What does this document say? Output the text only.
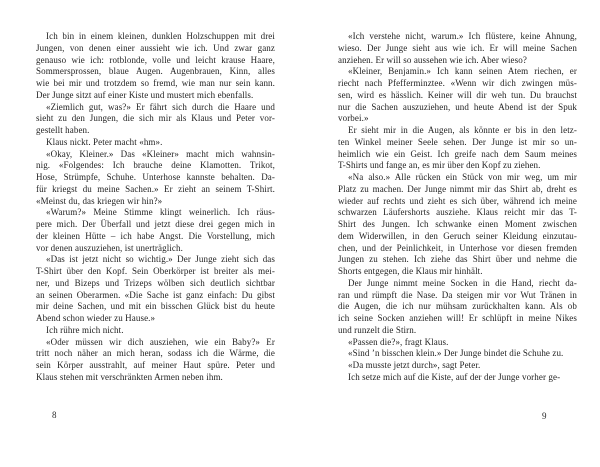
Ich bin in einem kleinen, dunklen Holzschuppen mit drei
Jungen, von denen einer aussieht wie ich. Und zwar ganz
genauso wie ich: rotblonde, volle und leicht krause Haare,
Sommersprossen, blaue Augen. Augenbrauen, Kinn, alles
wie bei mir und trotzdem so fremd, wie man nur sein kann.
Der Junge sitzt auf einer Kiste und mustert mich ebenfalls.
«Ziemlich gut, was?» Er fährt sich durch die Haare und
sieht zu den Jungen, die sich mir als Klaus und Peter vor-
gestellt haben.
Klaus nickt. Peter macht «hm».
«Okay, Kleiner.» Das «Kleiner» macht mich wahnsin-
nig. «Folgendes: Ich brauche deine Klamotten. Trikot,
Hose, Strümpfe, Schuhe. Unterhose kannste behalten. Da-
für kriegst du meine Sachen.» Er zieht an seinem T-Shirt.
«Meinst du, das kriegen wir hin?»
«Warum?» Meine Stimme klingt weinerlich. Ich räus-
pere mich. Der Überfall und jetzt diese drei gegen mich in
der kleinen Hütte – ich habe Angst. Die Vorstellung, mich
vor denen auszuziehen, ist unerträglich.
«Das ist jetzt nicht so wichtig.» Der Junge zieht sich das
T-Shirt über den Kopf. Sein Oberkörper ist breiter als mei-
ner, und Bizeps und Trizeps wölben sich deutlich sichtbar
an seinen Oberarmen. «Die Sache ist ganz einfach: Du gibst
mir deine Sachen, und mit ein bisschen Glück bist du heute
Abend schon wieder zu Hause.»
Ich rühre mich nicht.
«Oder müssen wir dich ausziehen, wie ein Baby?» Er
tritt noch näher an mich heran, sodass ich die Wärme, die
sein Körper ausstrahlt, auf meiner Haut spüre. Peter und
Klaus stehen mit verschränkten Armen neben ihm.
«Ich verstehe nicht, warum.» Ich flüstere, keine Ahnung,
wieso. Der Junge sieht aus wie ich. Er will meine Sachen
anziehen. Er will so aussehen wie ich. Aber wieso?
«Kleiner, Benjamin.» Ich kann seinen Atem riechen, er
riecht nach Pfefferminztee. «Wenn wir dich zwingen müs-
sen, wird es hässlich. Keiner will dir weh tun. Du brauchst
nur die Sachen auszuziehen, und heute Abend ist der Spuk
vorbei.»
Er sieht mir in die Augen, als könnte er bis in den letz-
ten Winkel meiner Seele sehen. Der Junge ist mir so un-
heimlich wie ein Geist. Ich greife nach dem Saum meines
T-Shirts und fange an, es mir über den Kopf zu ziehen.
«Na also.» Alle rücken ein Stück von mir weg, um mir
Platz zu machen. Der Junge nimmt mir das Shirt ab, dreht es
wieder auf rechts und zieht es sich über, während ich meine
schwarzen Läufershorts ausziehe. Klaus reicht mir das T-
Shirt des Jungen. Ich schwanke einen Moment zwischen
dem Widerwillen, in den Geruch seiner Kleidung einzutau-
chen, und der Peinlichkeit, in Unterhose vor diesen fremden
Jungen zu stehen. Ich ziehe das Shirt über und nehme die
Shorts entgegen, die Klaus mir hinhält.
Der Junge nimmt meine Socken in die Hand, riecht da-
ran und rümpft die Nase. Da steigen mir vor Wut Tränen in
die Augen, die ich nur mühsam zurückhalten kann. Als ob
ich seine Socken anziehen will! Er schlüpft in meine Nikes
und runzelt die Stirn.
«Passen die?», fragt Klaus.
«Sind ’n bisschen klein.» Der Junge bindet die Schuhe zu.
«Da musste jetzt durch», sagt Peter.
Ich setze mich auf die Kiste, auf der der Junge vorher ge-
8	9
